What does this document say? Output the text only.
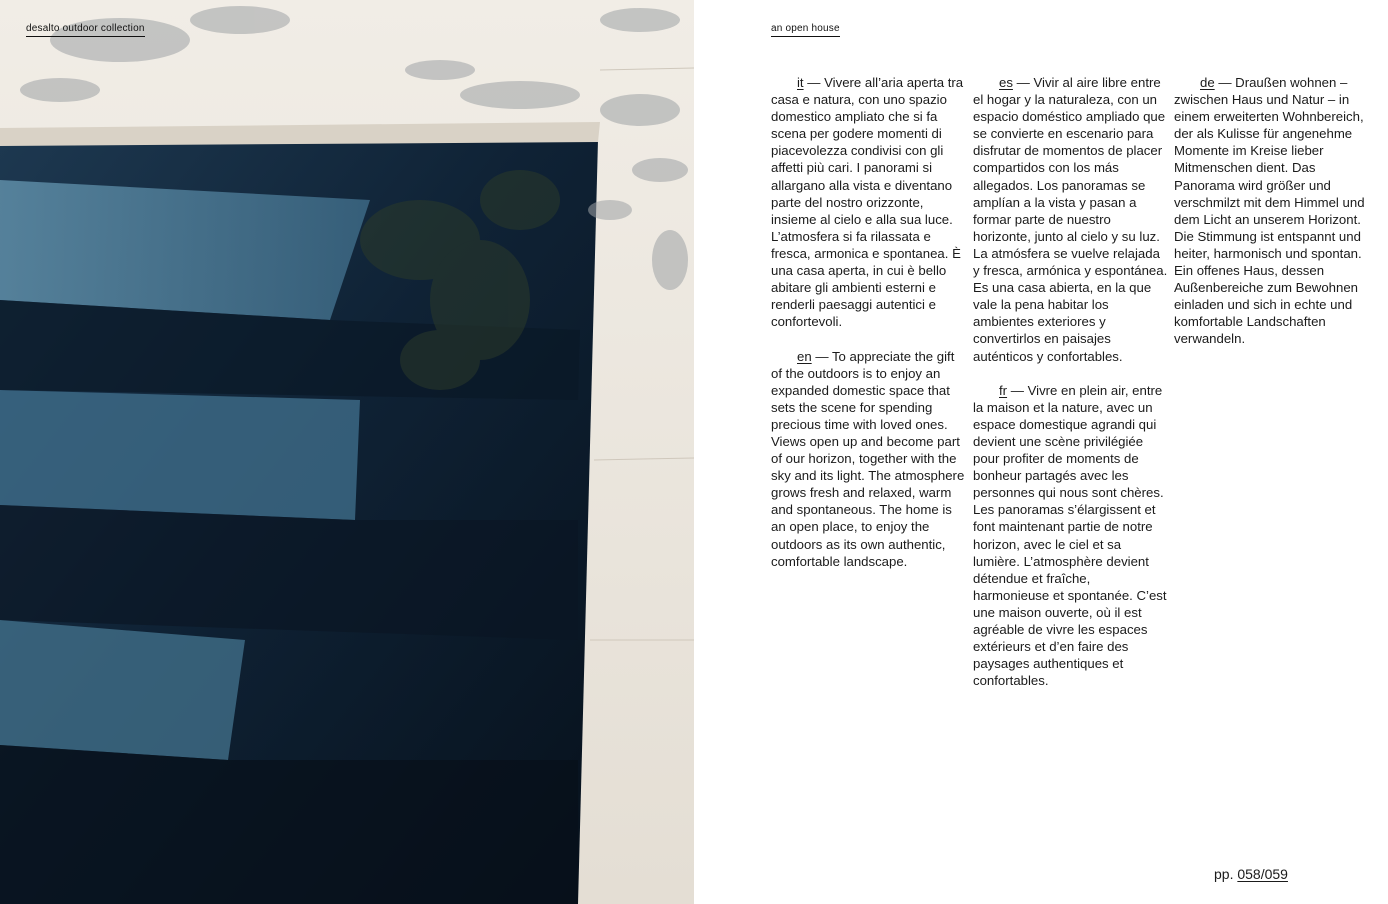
desalto outdoor collection	an open house

it — Vivere all’aria aperta tra casa e natura, con uno spazio domestico ampliato che si fa scena per godere momenti di piacevolezza condivisi con gli affetti più cari. I panorami si allargano alla vista e diventano parte del nostro orizzonte, insieme al cielo e alla sua luce. L’atmosfera si fa rilassata e fresca, armonica e spontanea. È una casa aperta, in cui è bello abitare gli ambienti esterni e renderli paesaggi autentici e confortevoli.

en — To appreciate the gift of the outdoors is to enjoy an expanded domestic space that sets the scene for spending precious time with loved ones. Views open up and become part of our horizon, together with the sky and its light. The atmosphere grows fresh and relaxed, warm and spontaneous. The home is an open place, to enjoy the outdoors as its own authentic, comfortable landscape.

es — Vivir al aire libre entre el hogar y la naturaleza, con un espacio doméstico ampliado que se convierte en escenario para disfrutar de momentos de placer compartidos con los más allegados. Los panoramas se amplían a la vista y pasan a formar parte de nuestro horizonte, junto al cielo y su luz. La atmósfera se vuelve relajada y fresca, armónica y espontánea. Es una casa abierta, en la que vale la pena habitar los ambientes exteriores y convertirlos en paisajes auténticos y confortables.

fr — Vivre en plein air, entre la maison et la nature, avec un espace domestique agrandi qui devient une scène privilégiée pour profiter de moments de bonheur partagés avec les personnes qui nous sont chères. Les panoramas s’élargissent et font maintenant partie de notre horizon, avec le ciel et sa lumière. L’atmosphère devient détendue et fraîche, harmonieuse et spontanée. C’est une maison ouverte, où il est agréable de vivre les espaces extérieurs et d’en faire des paysages authentiques et confortables.

de — Draußen wohnen – zwischen Haus und Natur – in einem erweiterten Wohnbereich, der als Kulisse für angenehme Momente im Kreise lieber Mitmenschen dient. Das Panorama wird größer und verschmilzt mit dem Himmel und dem Licht an unserem Horizont. Die Stimmung ist entspannt und heiter, harmonisch und spontan. Ein offenes Haus, dessen Außenbereiche zum Bewohnen einladen und sich in echte und komfortable Landschaften verwandeln.

pp. 058/059
